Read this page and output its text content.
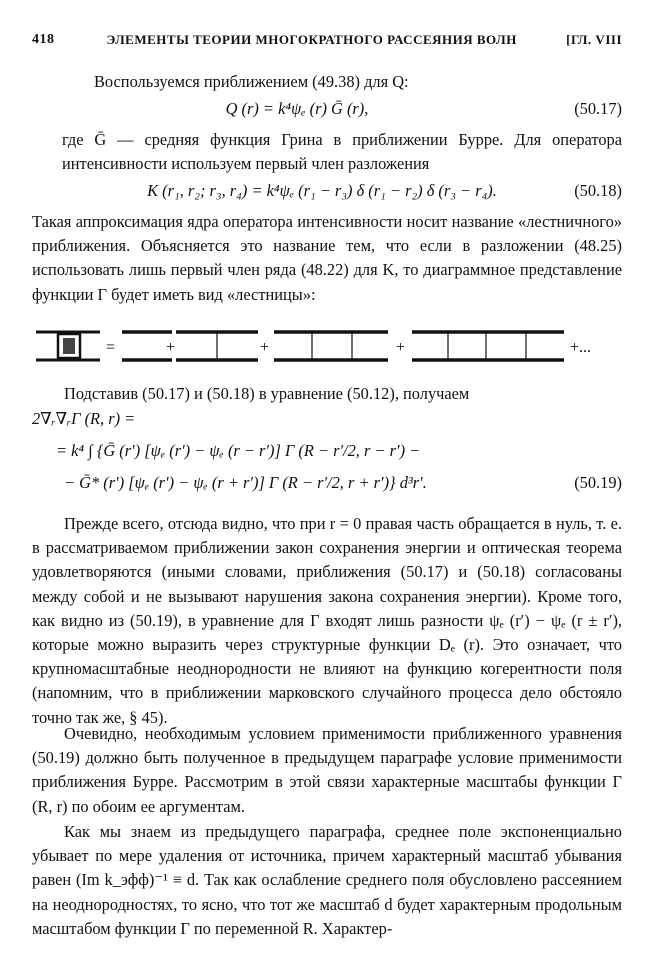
418	ЭЛЕМЕНТЫ ТЕОРИИ МНОГОКРАТНОГО РАССЕЯНИЯ ВОЛН	[ГЛ. VIII
Воспользуемся приближением (49.38) для Q:
Q (r) = k⁴ψₑ (r) Ḡ (r),	(50.17)
где Ḡ — средняя функция Грина в приближении Бурре. Для оператора интенсивности используем первый член разложения
K (r₁, r₂; r₃, r₄) = k⁴ψₑ (r₁ − r₃) δ (r₁ − r₂) δ (r₃ − r₄).	(50.18)
Такая аппроксимация ядра оператора интенсивности носит название «лестничного» приближения. Объясняется это название тем, что если в разложении (48.25) использовать лишь первый член ряда (48.22) для K, то диаграммное представление функции Γ будет иметь вид «лестницы»:
=	+	+	+	+...
Подставив (50.17) и (50.18) в уравнение (50.12), получаем
2∇ᵣ∇ᵣΓ (R, r) =
= k⁴ ∫ {Ḡ (r′) [ψₑ (r′) − ψₑ (r − r′)] Γ (R − r′/2, r − r′) −
− Ḡ* (r′) [ψₑ (r′) − ψₑ (r + r′)] Γ (R − r′/2, r + r′)} d³r′.	(50.19)
Прежде всего, отсюда видно, что при r = 0 правая часть обращается в нуль, т. е. в рассматриваемом приближении закон сохранения энергии и оптическая теорема удовлетворяются (иными словами, приближения (50.17) и (50.18) согласованы между собой и не вызывают нарушения закона сохранения энергии). Кроме того, как видно из (50.19), в уравнение для Γ входят лишь разности ψₑ (r′) − ψₑ (r ± r′), которые можно выразить через структурные функции Dₑ (r). Это означает, что крупномасштабные неоднородности не влияют на функцию когерентности поля (напомним, что в приближении марковского случайного процесса дело обстояло точно так же, § 45).
Очевидно, необходимым условием применимости приближенного уравнения (50.19) должно быть полученное в предыдущем параграфе условие применимости приближения Бурре. Рассмотрим в этой связи характерные масштабы функции Γ (R, r) по обоим ее аргументам.
Как мы знаем из предыдущего параграфа, среднее поле экспоненциально убывает по мере удаления от источника, причем характерный масштаб убывания равен (Im k_эфф)⁻¹ ≡ d. Так как ослабление среднего поля обусловлено рассеянием на неоднородностях, то ясно, что тот же масштаб d будет характерным продольным масштабом функции Γ по переменной R. Характер-
